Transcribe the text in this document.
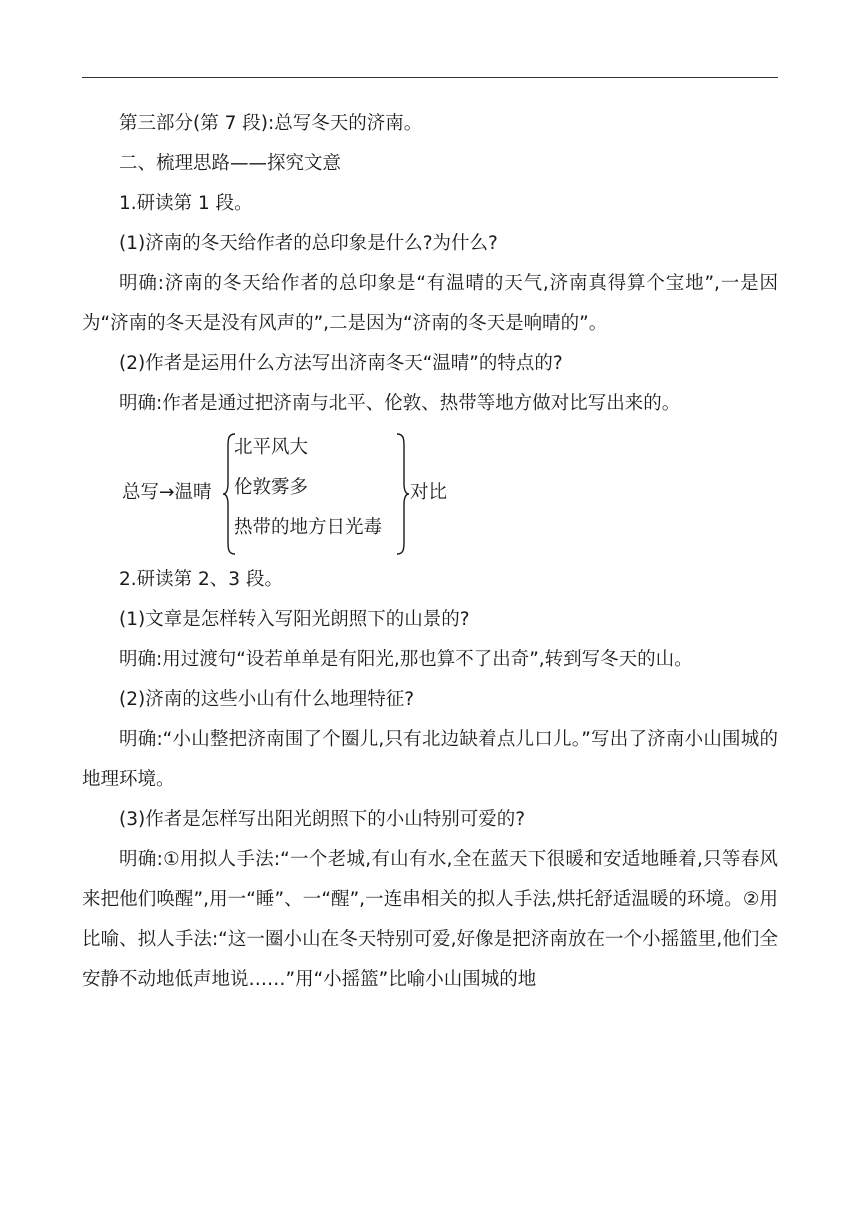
第三部分(第 7 段):总写冬天的济南。

二、梳理思路——探究文意

1.研读第 1 段。

(1)济南的冬天给作者的总印象是什么?为什么?

明确:济南的冬天给作者的总印象是“有温晴的天气,济南真得算个宝地”,一是因为“济南的冬天是没有风声的”,二是因为“济南的冬天是响晴的”。

(2)作者是运用什么方法写出济南冬天“温晴”的特点的?

明确:作者是通过把济南与北平、伦敦、热带等地方做对比写出来的。

总写→温晴
北平风大
伦敦雾多
热带的地方日光毒
对比

2.研读第 2、3 段。

(1)文章是怎样转入写阳光朗照下的山景的?

明确:用过渡句“设若单单是有阳光,那也算不了出奇”,转到写冬天的山。

(2)济南的这些小山有什么地理特征?

明确:“小山整把济南围了个圈儿,只有北边缺着点儿口儿。”写出了济南小山围城的地理环境。

(3)作者是怎样写出阳光朗照下的小山特别可爱的?

明确:①用拟人手法:“一个老城,有山有水,全在蓝天下很暖和安适地睡着,只等春风来把他们唤醒”,用一“睡”、一“醒”,一连串相关的拟人手法,烘托舒适温暖的环境。②用比喻、拟人手法:“这一圈小山在冬天特别可爱,好像是把济南放在一个小摇篮里,他们全安静不动地低声地说……”用“小摇篮”比喻小山围城的地
